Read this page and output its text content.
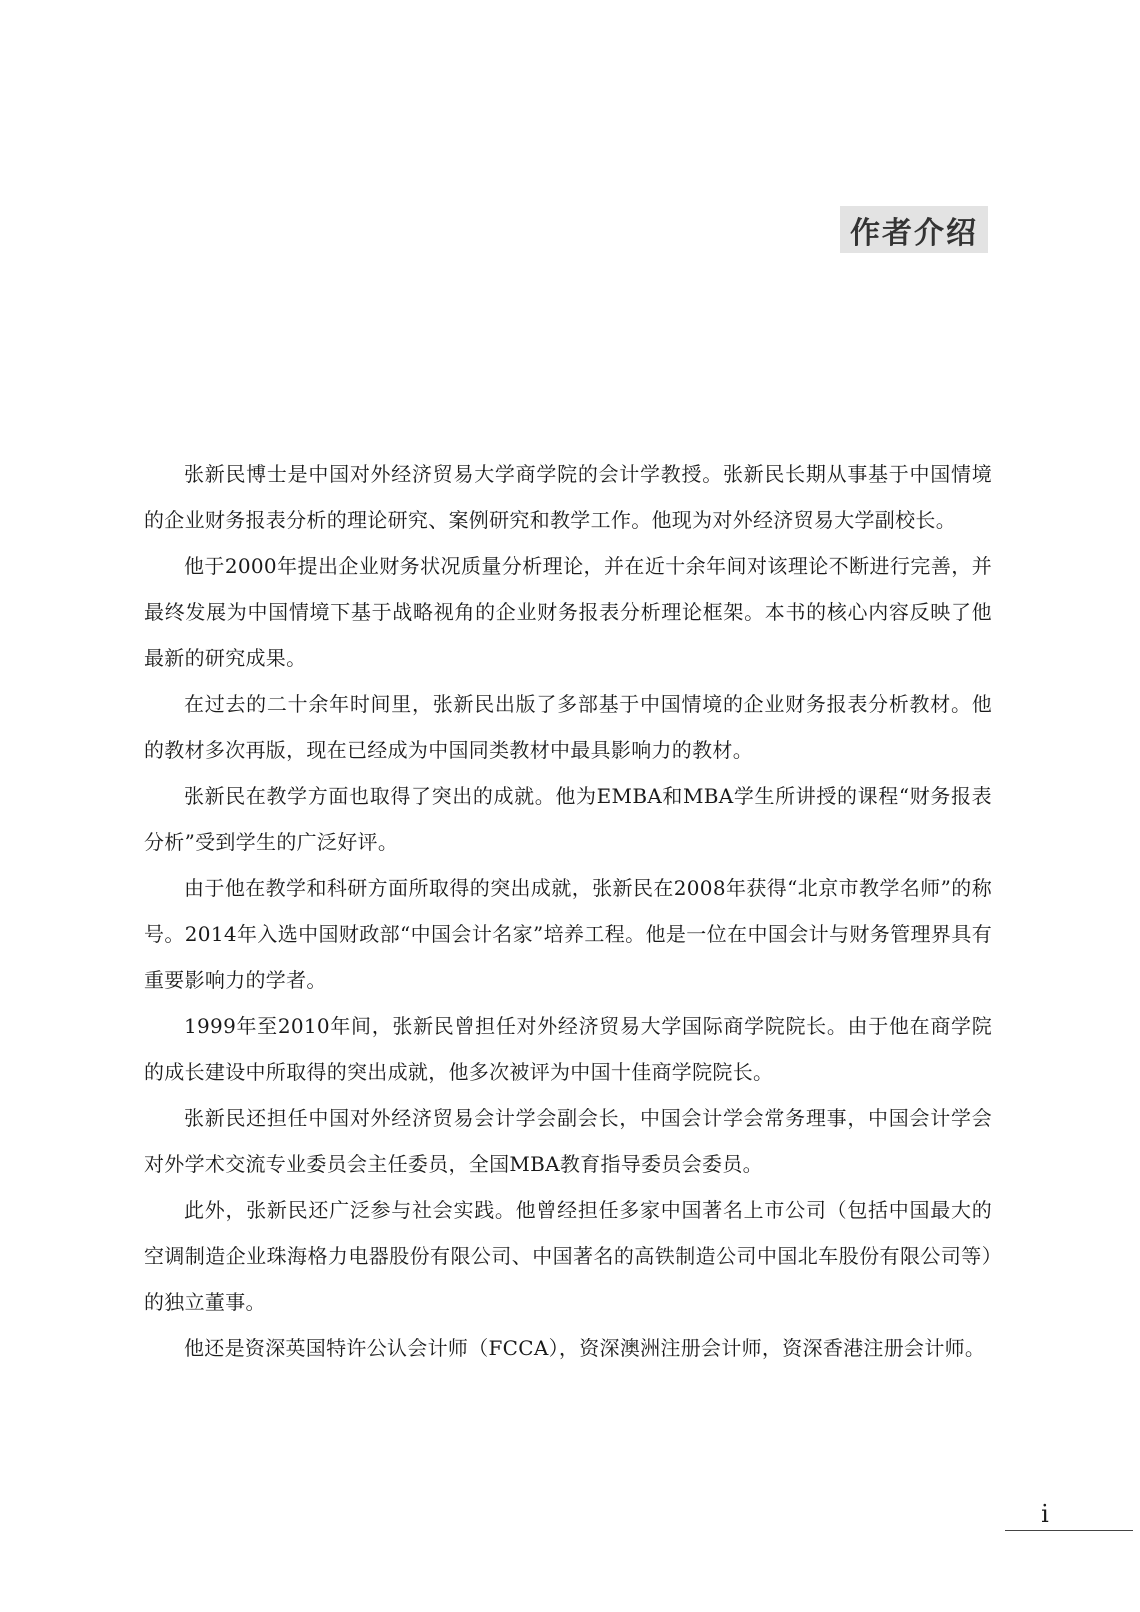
作者介绍

张新民博士是中国对外经济贸易大学商学院的会计学教授。张新民长期从事基于中国情境的企业财务报表分析的理论研究、案例研究和教学工作。他现为对外经济贸易大学副校长。

他于2000年提出企业财务状况质量分析理论，并在近十余年间对该理论不断进行完善，并最终发展为中国情境下基于战略视角的企业财务报表分析理论框架。本书的核心内容反映了他最新的研究成果。

在过去的二十余年时间里，张新民出版了多部基于中国情境的企业财务报表分析教材。他的教材多次再版，现在已经成为中国同类教材中最具影响力的教材。

张新民在教学方面也取得了突出的成就。他为EMBA和MBA学生所讲授的课程“财务报表分析”受到学生的广泛好评。

由于他在教学和科研方面所取得的突出成就，张新民在2008年获得“北京市教学名师”的称号。2014年入选中国财政部“中国会计名家”培养工程。他是一位在中国会计与财务管理界具有重要影响力的学者。

1999年至2010年间，张新民曾担任对外经济贸易大学国际商学院院长。由于他在商学院的成长建设中所取得的突出成就，他多次被评为中国十佳商学院院长。

张新民还担任中国对外经济贸易会计学会副会长，中国会计学会常务理事，中国会计学会对外学术交流专业委员会主任委员，全国MBA教育指导委员会委员。

此外，张新民还广泛参与社会实践。他曾经担任多家中国著名上市公司（包括中国最大的空调制造企业珠海格力电器股份有限公司、中国著名的高铁制造公司中国北车股份有限公司等）的独立董事。

他还是资深英国特许公认会计师（FCCA），资深澳洲注册会计师，资深香港注册会计师。

i
